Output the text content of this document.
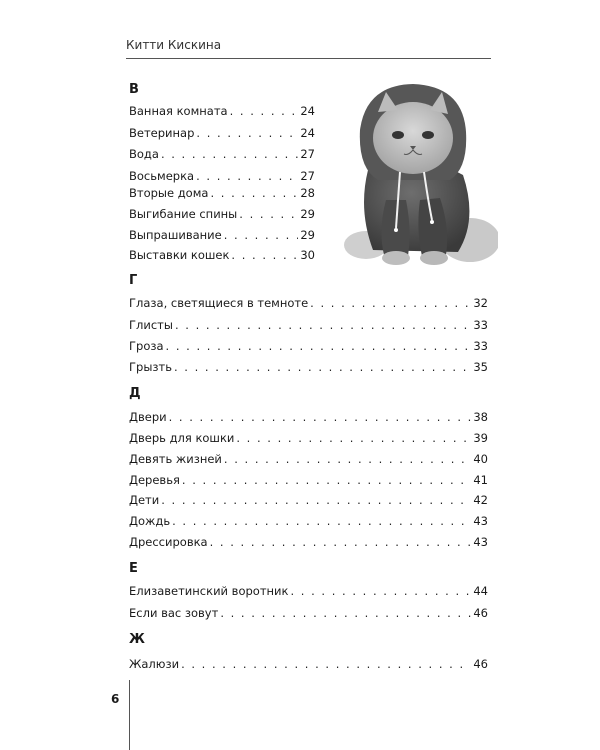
Китти Кискина
В
Ванная комната . . .	24
Ветеринар . . .	24
Вода . . .	27
Восьмерка . . .	27
Вторые дома . . .	28
Выгибание спины . . .	29
Выпрашивание . . .	29
Выставки кошек . . .	30
Г
Глаза, светящиеся в темноте . . .	32
Глисты . . .	33
Гроза . . .	33
Грызть . . .	35
Д
Двери . . .	38
Дверь для кошки . . .	39
Девять жизней . . .	40
Деревья . . .	41
Дети . . .	42
Дождь . . .	43
Дрессировка . . .	43
Е
Елизаветинский воротник . . .	44
Если вас зовут . . .	46
Ж
Жалюзи . . .	46
6
